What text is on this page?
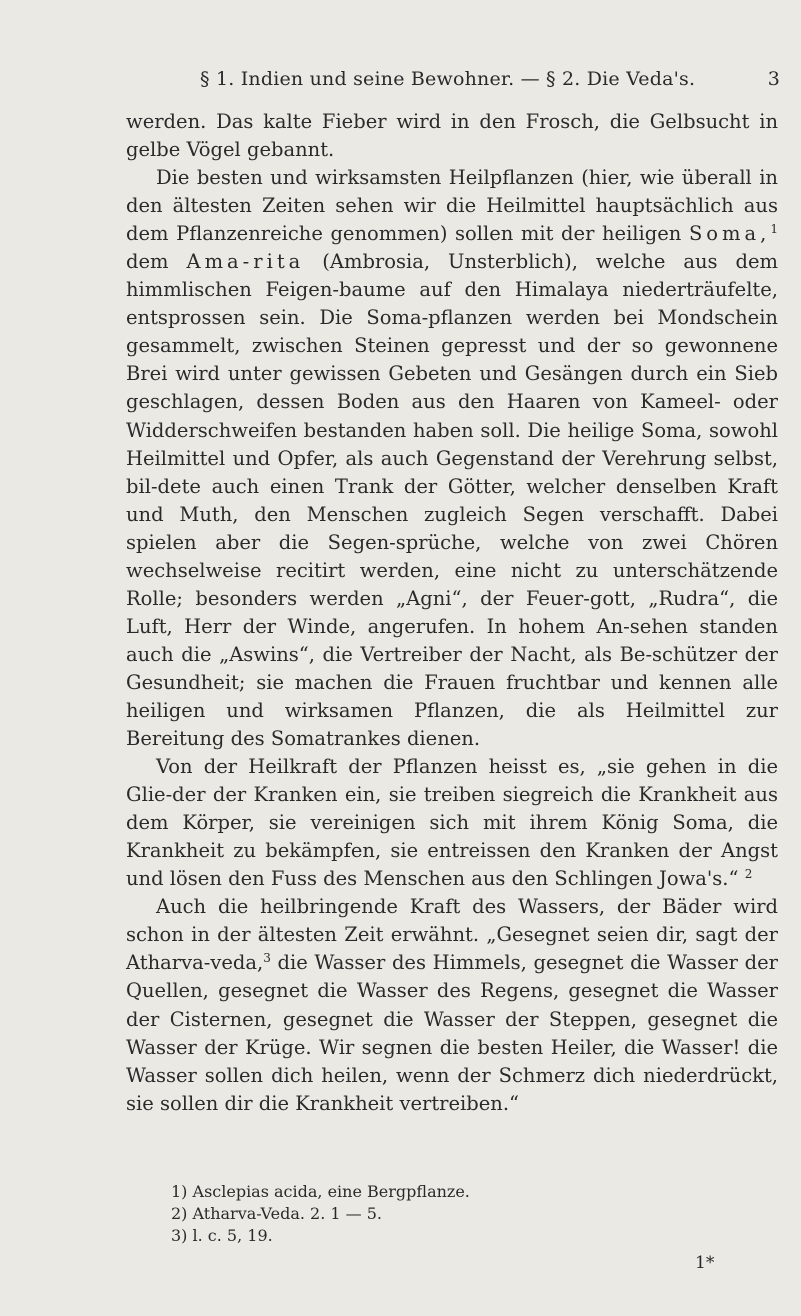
§ 1. Indien und seine Bewohner. — § 2. Die Veda's.	3

werden. Das kalte Fieber wird in den Frosch, die Gelbsucht in gelbe Vögel gebannt.

Die besten und wirksamsten Heilpflanzen (hier, wie überall in den ältesten Zeiten sehen wir die Heilmittel hauptsächlich aus dem Pflanzenreiche genommen) sollen mit der heiligen Soma,$^1$ dem Ama-rita (Ambrosia, Unsterblich), welche aus dem himmlischen Feigen-baume auf den Himalaya niederträufelte, entsprossen sein. Die Soma-pflanzen werden bei Mondschein gesammelt, zwischen Steinen gepresst und der so gewonnene Brei wird unter gewissen Gebeten und Gesängen durch ein Sieb geschlagen, dessen Boden aus den Haaren von Kameel- oder Widderschweifen bestanden haben soll. Die heilige Soma, sowohl Heilmittel und Opfer, als auch Gegenstand der Verehrung selbst, bil-dete auch einen Trank der Götter, welcher denselben Kraft und Muth, den Menschen zugleich Segen verschafft. Dabei spielen aber die Segen-sprüche, welche von zwei Chören wechselweise recitirt werden, eine nicht zu unterschätzende Rolle; besonders werden „Agni“, der Feuer-gott, „Rudra“, die Luft, Herr der Winde, angerufen. In hohem An-sehen standen auch die „Aswins“, die Vertreiber der Nacht, als Be-schützer der Gesundheit; sie machen die Frauen fruchtbar und kennen alle heiligen und wirksamen Pflanzen, die als Heilmittel zur Bereitung des Somatrankes dienen.

Von der Heilkraft der Pflanzen heisst es, „sie gehen in die Glie-der der Kranken ein, sie treiben siegreich die Krankheit aus dem Körper, sie vereinigen sich mit ihrem König Soma, die Krankheit zu bekämpfen, sie entreissen den Kranken der Angst und lösen den Fuss des Menschen aus den Schlingen Jowa's.“ $^2$

Auch die heilbringende Kraft des Wassers, der Bäder wird schon in der ältesten Zeit erwähnt. „Gesegnet seien dir, sagt der Atharva-veda,$^3$ die Wasser des Himmels, gesegnet die Wasser der Quellen, gesegnet die Wasser des Regens, gesegnet die Wasser der Cisternen, gesegnet die Wasser der Steppen, gesegnet die Wasser der Krüge. Wir segnen die besten Heiler, die Wasser! die Wasser sollen dich heilen, wenn der Schmerz dich niederdrückt, sie sollen dir die Krankheit vertreiben.“

1) Asclepias acida, eine Bergpflanze.
2) Atharva-Veda. 2. 1 — 5.
3) l. c. 5, 19.
1*
